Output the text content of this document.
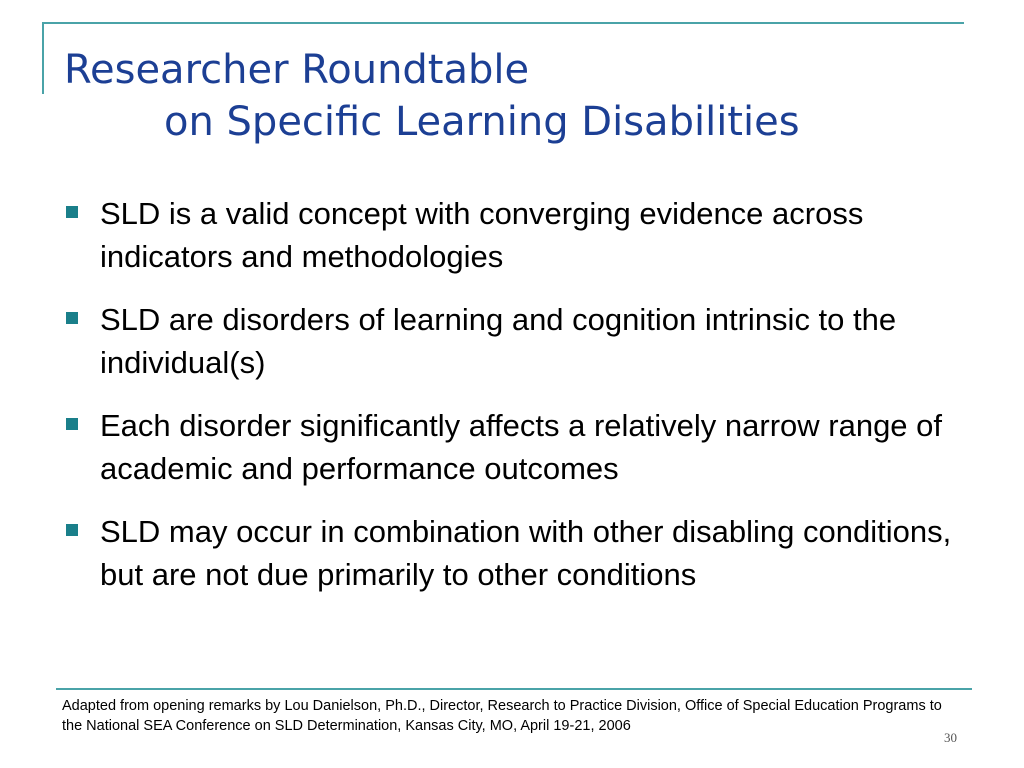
Researcher Roundtable
on Specific Learning Disabilities
SLD is a valid concept with converging evidence across indicators and methodologies
SLD are disorders of learning and cognition intrinsic to the individual(s)
Each disorder significantly affects a relatively narrow range of academic and performance outcomes
SLD may occur in combination with other disabling conditions, but are not due primarily to other conditions
Adapted from opening remarks by Lou Danielson, Ph.D., Director, Research to Practice Division, Office of Special Education Programs to the National SEA Conference on SLD Determination, Kansas City, MO, April 19-21, 2006
30
